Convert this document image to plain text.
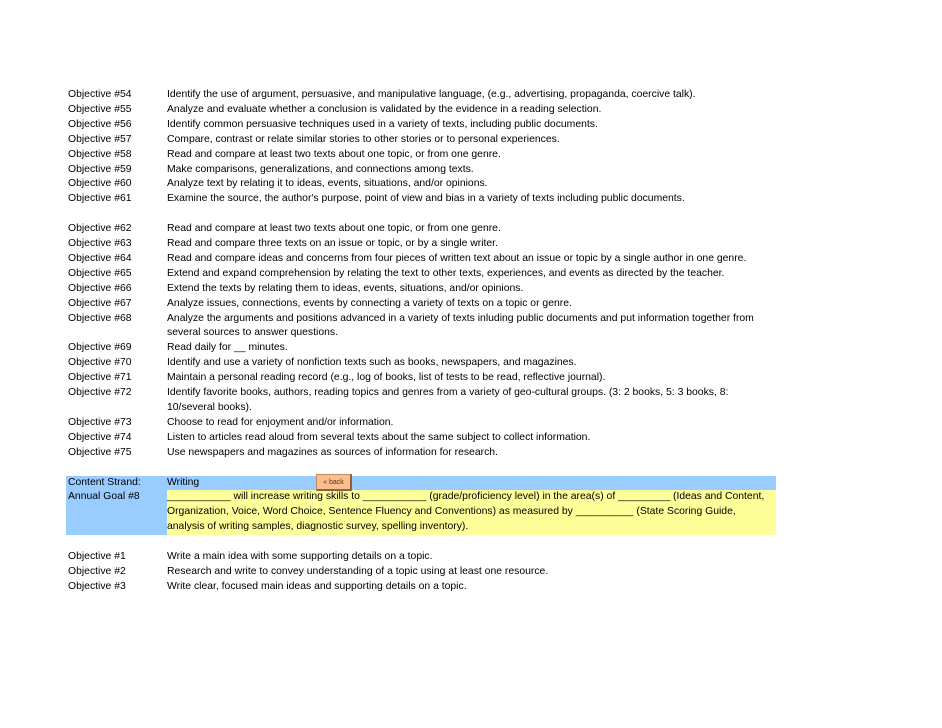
Objective #54	Identify the use of argument, persuasive, and manipulative language, (e.g., advertising, propaganda, coercive talk).
Objective #55	Analyze and evaluate whether a conclusion is validated by the evidence in a reading selection.
Objective #56	Identify common persuasive techniques used in a variety of texts, including public documents.
Objective #57	Compare, contrast or relate similar stories to other stories or to personal experiences.
Objective #58	Read and compare at least two texts about one topic, or from one genre.
Objective #59	Make comparisons, generalizations, and connections among texts.
Objective #60	Analyze text by relating it to ideas, events, situations, and/or opinions.
Objective #61	Examine the source, the author's purpose, point of view and bias in a variety of texts including public documents.
Objective #62	Read and compare at least two texts about one topic, or from one genre.
Objective #63	Read and compare three texts on an issue or topic, or by a single writer.
Objective #64	Read and compare ideas and concerns from four pieces of written text about an issue or topic by a single author in one genre.
Objective #65	Extend and expand comprehension by relating the text to other texts, experiences, and events as directed by the teacher.
Objective #66	Extend the texts by relating them to ideas, events, situations, and/or opinions.
Objective #67	Analyze issues, connections, events by connecting a variety of texts on a topic or genre.
Objective #68	Analyze the arguments and positions advanced in a variety of texts inluding public documents and put information together from several sources to answer questions.
Objective #69	Read daily for __ minutes.
Objective #70	Identify and use a variety of nonfiction texts such as books, newspapers, and magazines.
Objective #71	Maintain a personal reading record (e.g., log of books, list of tests to be read, reflective journal).
Objective #72	Identify favorite books, authors, reading topics and genres from a variety of geo-cultural groups. (3: 2 books, 5: 3 books, 8: 10/several books).
Objective #73	Choose to read for enjoyment and/or information.
Objective #74	Listen to articles read aloud from several texts about the same subject to collect information.
Objective #75	Use newspapers and magazines as sources of information for research.
Content Strand:	Writing	« back
Annual Goal #8	___________ will increase writing skills to ___________ (grade/proficiency level) in the area(s) of _________ (Ideas and Content, Organization, Voice, Word Choice, Sentence Fluency and Conventions) as measured by __________ (State Scoring Guide, analysis of writing samples, diagnostic survey, spelling inventory).
Objective #1	Write a main idea with some supporting details on a topic.
Objective #2	Research and write to convey understanding of a topic using at least one resource.
Objective #3	Write clear, focused main ideas and supporting details on a topic.
